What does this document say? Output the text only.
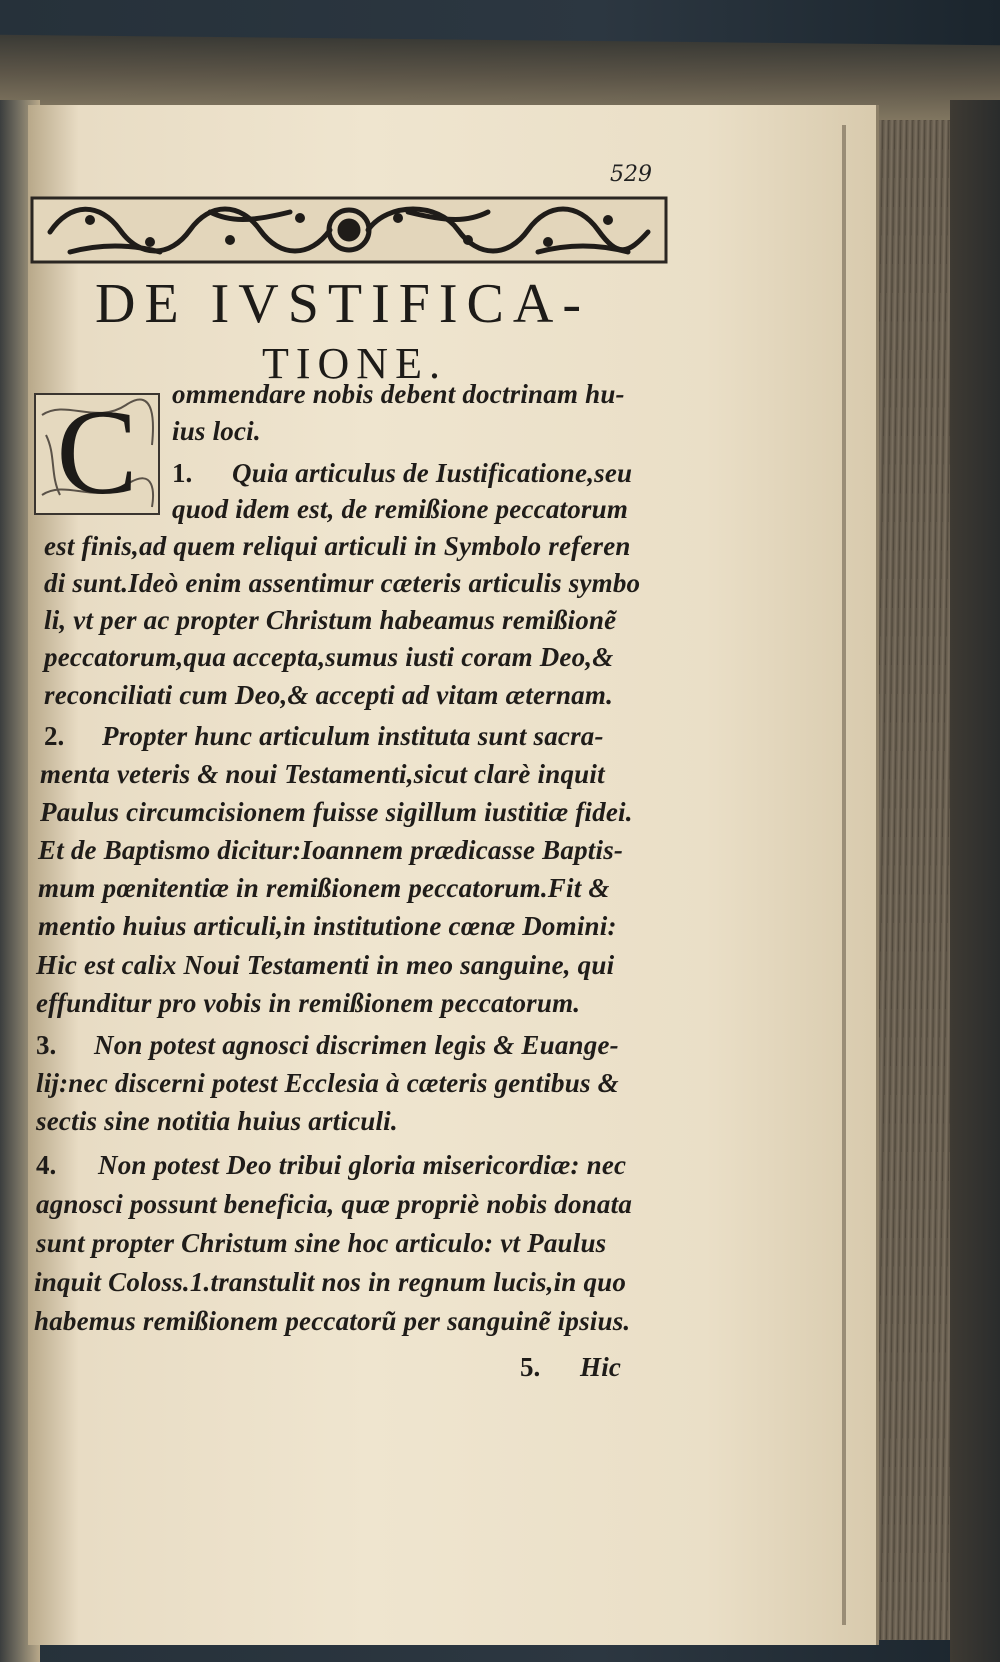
529
DE IVSTIFICA-
TIONE.
C	ommendare nobis debent doctrinam hu-
ius loci.
1. Quia articulus de Iustificatione,seu
quod idem est, de remißione peccatorum
est finis,ad quem reliqui articuli in Symbolo referen
di sunt.Ideò enim assentimur cæteris articulis symbo
li, vt per ac propter Christum habeamus remißionẽ
peccatorum,qua accepta,sumus iusti coram Deo,&
reconciliati cum Deo,& accepti ad vitam æternam.
2. Propter hunc articulum instituta sunt sacra-
menta veteris & noui Testamenti,sicut clarè inquit
Paulus circumcisionem fuisse sigillum iustitiæ fidei.
Et de Baptismo dicitur:Ioannem prædicasse Baptis-
mum pœnitentiæ in remißionem peccatorum.Fit &
mentio huius articuli,in institutione cœnæ Domini:
Hic est calix Noui Testamenti in meo sanguine, qui
effunditur pro vobis in remißionem peccatorum.
3. Non potest agnosci discrimen legis & Euange-
lij:nec discerni potest Ecclesia à cæteris gentibus &
sectis sine notitia huius articuli.
4. Non potest Deo tribui gloria misericordiæ: nec
agnosci possunt beneficia, quæ propriè nobis donata
sunt propter Christum sine hoc articulo: vt Paulus
inquit Coloss.1.transtulit nos in regnum lucis,in quo
habemus remißionem peccatorũ per sanguinẽ ipsius.
5. Hic
